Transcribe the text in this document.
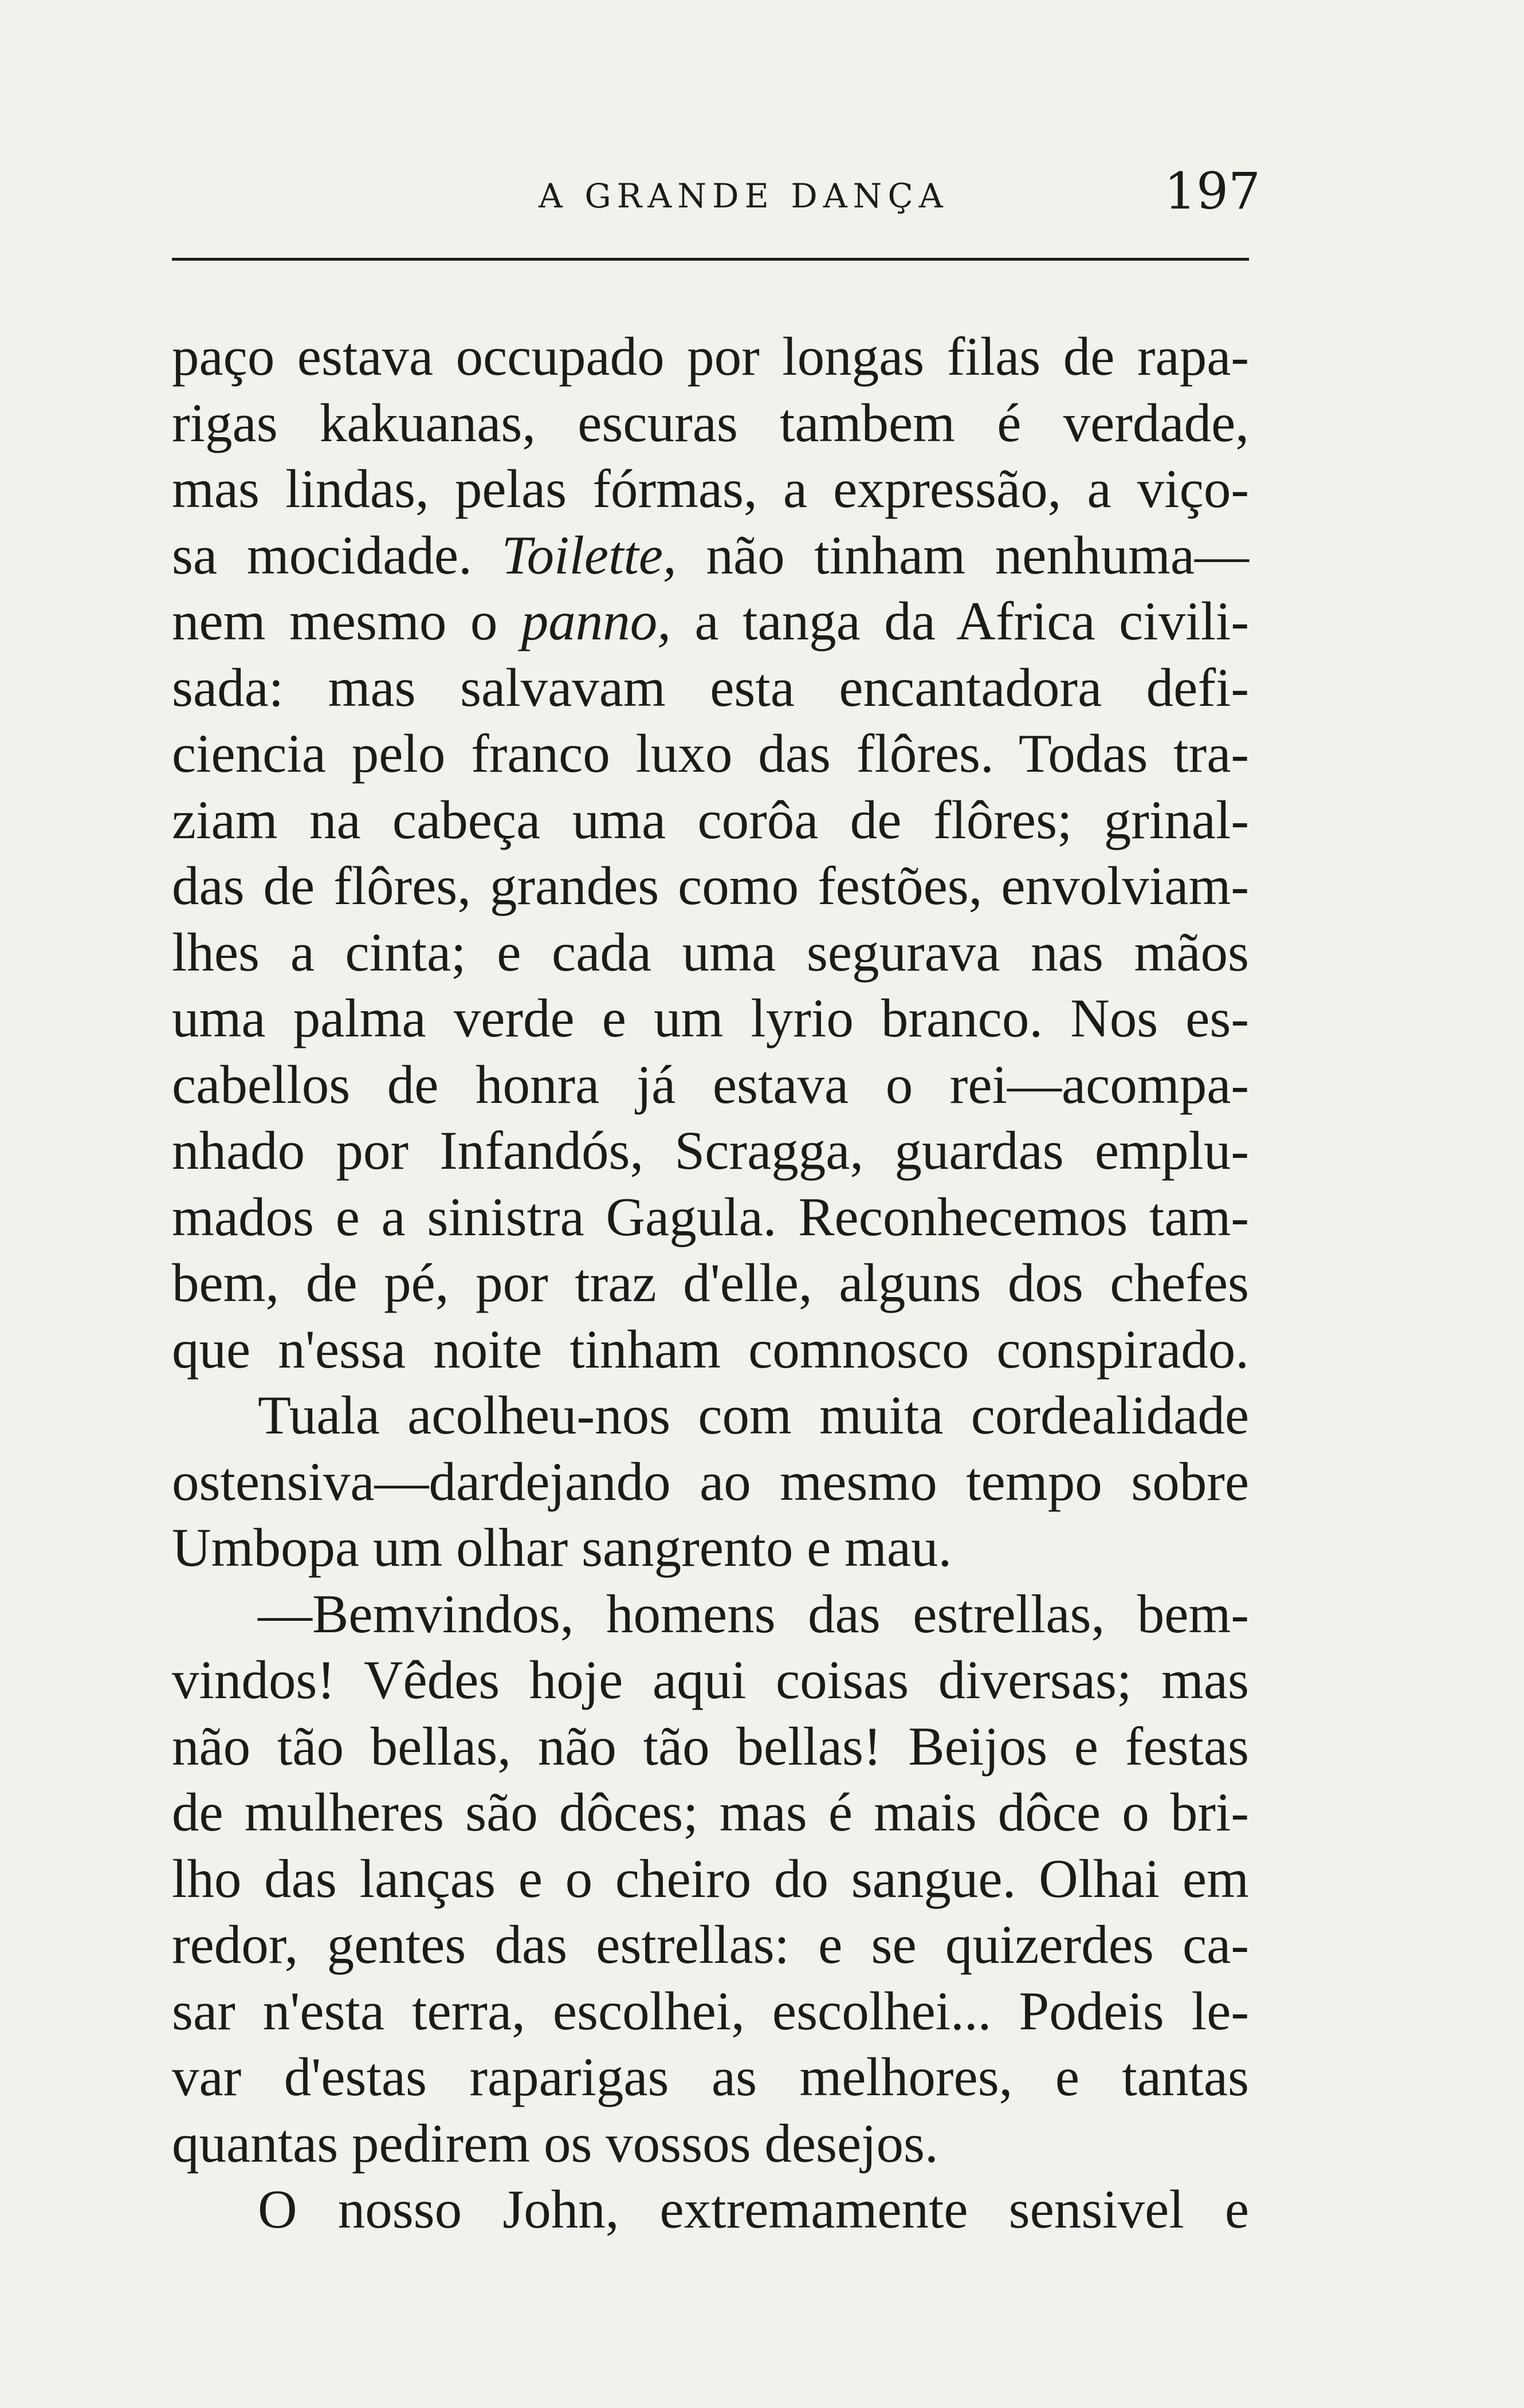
A GRANDE DANÇA	197
paço estava occupado por longas filas de rapa-
rigas kakuanas, escuras tambem é verdade,
mas lindas, pelas fórmas, a expressão, a viço-
sa mocidade. Toilette, não tinham nenhuma—
nem mesmo o panno, a tanga da Africa civili-
sada: mas salvavam esta encantadora defi-
ciencia pelo franco luxo das flôres. Todas tra-
ziam na cabeça uma corôa de flôres; grinal-
das de flôres, grandes como festões, envolviam-
lhes a cinta; e cada uma segurava nas mãos
uma palma verde e um lyrio branco. Nos es-
cabellos de honra já estava o rei—acompa-
nhado por Infandós, Scragga, guardas emplu-
mados e a sinistra Gagula. Reconhecemos tam-
bem, de pé, por traz d'elle, alguns dos chefes
que n'essa noite tinham comnosco conspirado.
Tuala acolheu-nos com muita cordealidade
ostensiva—dardejando ao mesmo tempo sobre
Umbopa um olhar sangrento e mau.
—Bemvindos, homens das estrellas, bem-
vindos! Vêdes hoje aqui coisas diversas; mas
não tão bellas, não tão bellas! Beijos e festas
de mulheres são dôces; mas é mais dôce o bri-
lho das lanças e o cheiro do sangue. Olhai em
redor, gentes das estrellas: e se quizerdes ca-
sar n'esta terra, escolhei, escolhei... Podeis le-
var d'estas raparigas as melhores, e tantas
quantas pedirem os vossos desejos.
O nosso John, extremamente sensivel e
